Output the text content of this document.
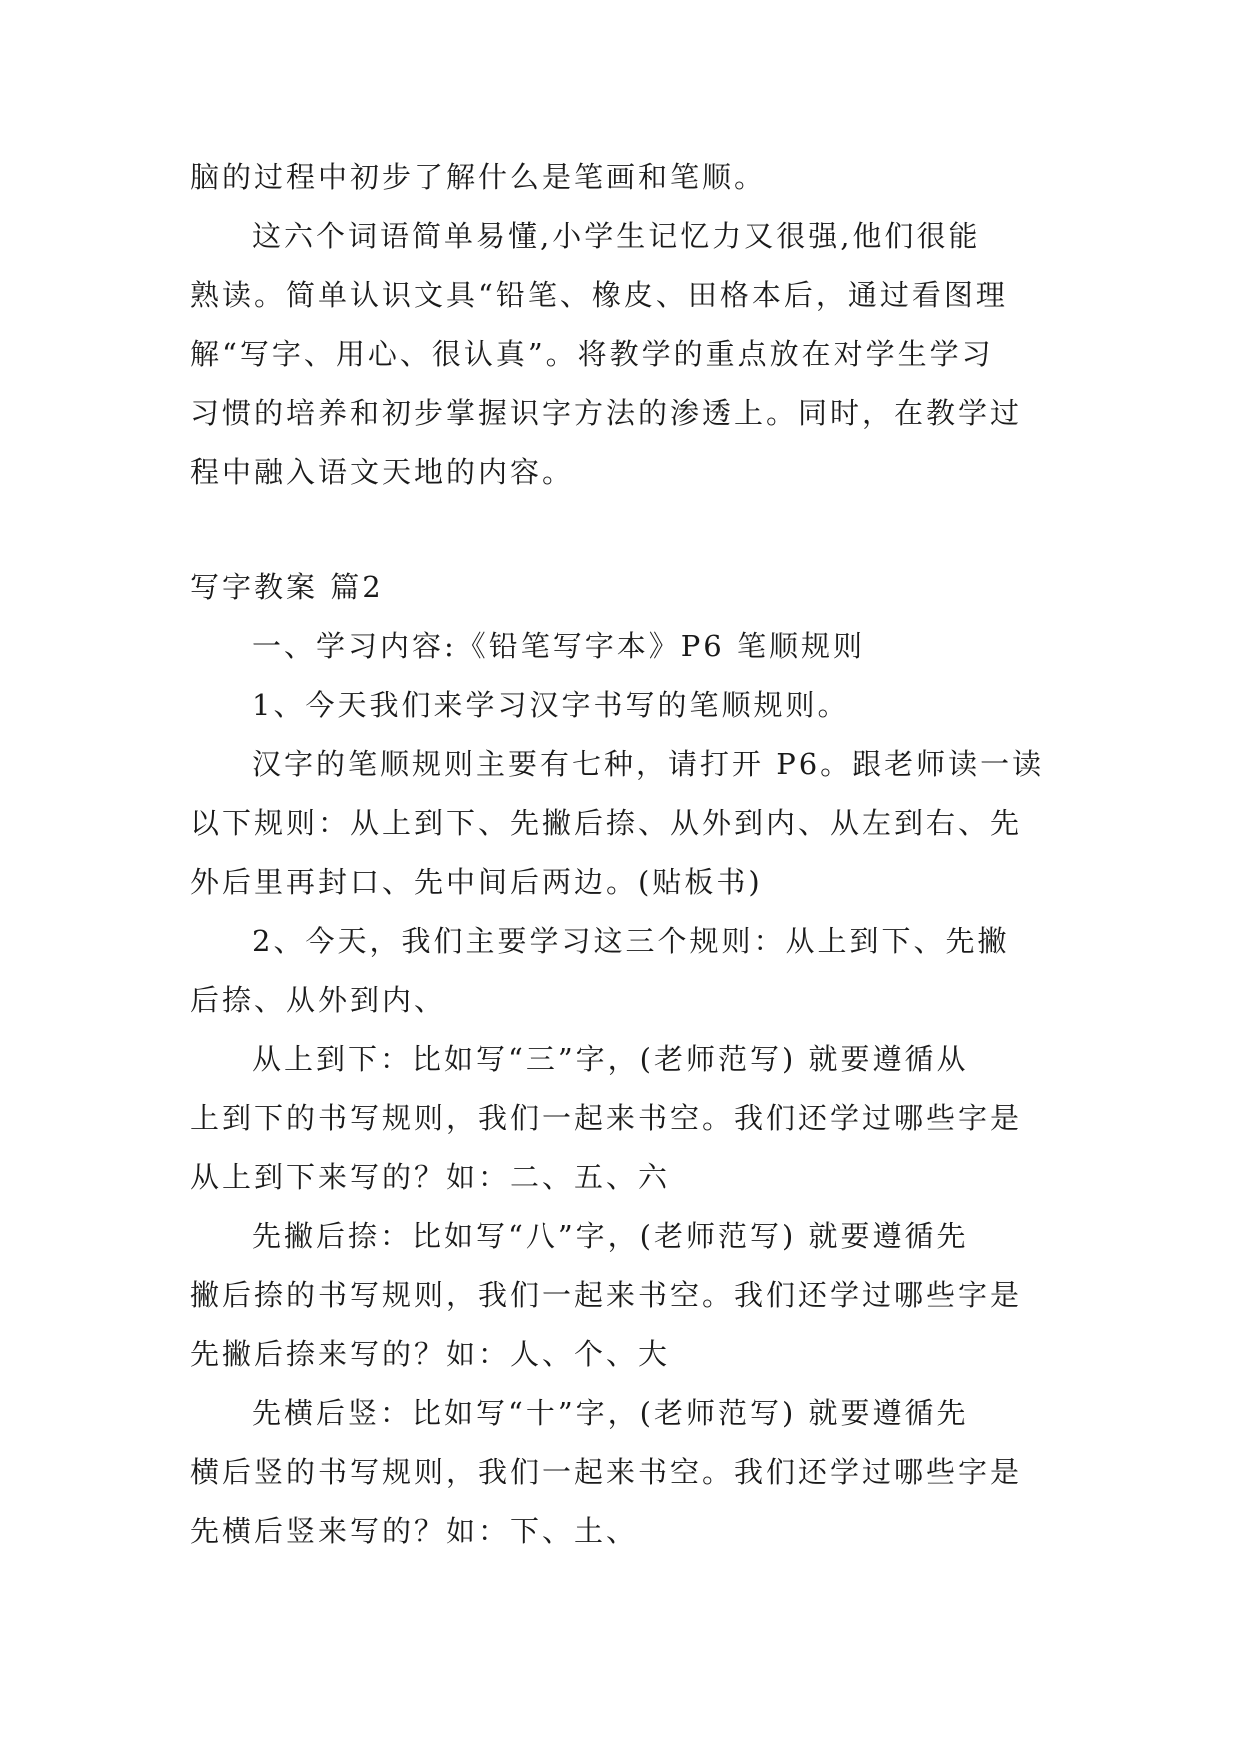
脑的过程中初步了解什么是笔画和笔顺。
这六个词语简单易懂,小学生记忆力又很强,他们很能
熟读。简单认识文具“铅笔、橡皮、田格本后，通过看图理
解“写字、用心、很认真”。将教学的重点放在对学生学习
习惯的培养和初步掌握识字方法的渗透上。同时，在教学过
程中融入语文天地的内容。
写字教案 篇2
一、学习内容:《铅笔写字本》P6 笔顺规则
1、今天我们来学习汉字书写的笔顺规则。
汉字的笔顺规则主要有七种，请打开 P6。跟老师读一读
以下规则：从上到下、先撇后捺、从外到内、从左到右、先
外后里再封口、先中间后两边。(贴板书)
2、今天，我们主要学习这三个规则：从上到下、先撇
后捺、从外到内、
从上到下：比如写“三”字，(老师范写) 就要遵循从
上到下的书写规则，我们一起来书空。我们还学过哪些字是
从上到下来写的？如：二、五、六
先撇后捺：比如写“八”字，(老师范写) 就要遵循先
撇后捺的书写规则，我们一起来书空。我们还学过哪些字是
先撇后捺来写的？如：人、个、大
先横后竖：比如写“十”字，(老师范写) 就要遵循先
横后竖的书写规则，我们一起来书空。我们还学过哪些字是
先横后竖来写的？如：下、土、
